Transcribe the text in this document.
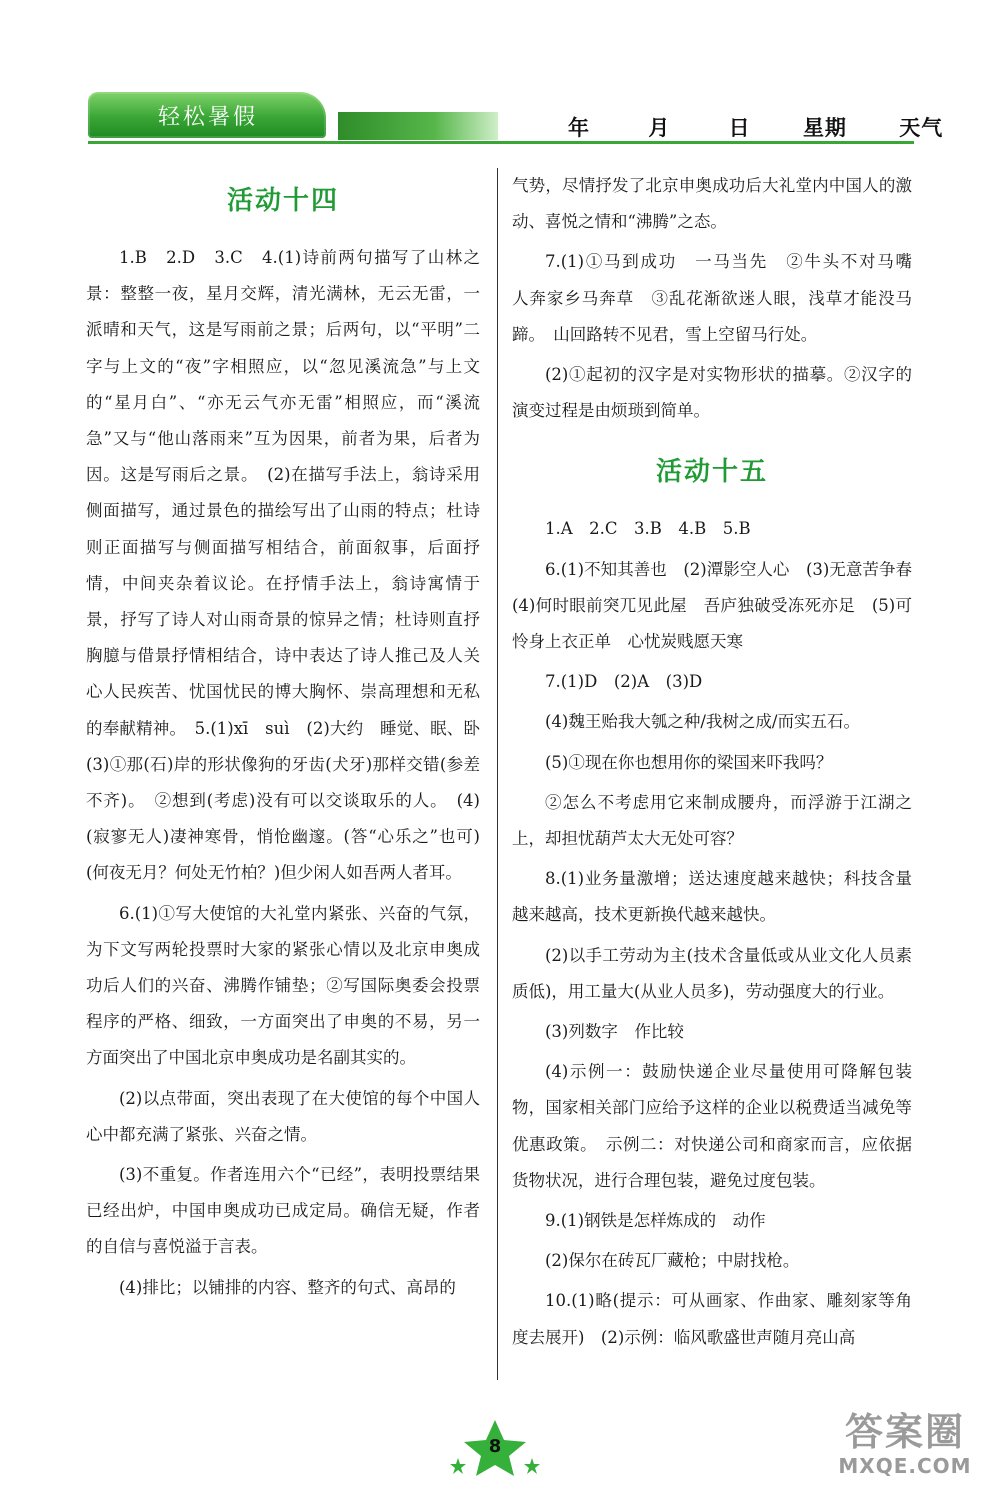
轻松暑假	年	月	日 星期 天气
活动十四

1.B　2.D　3.C　4.(1)诗前两句描写了山林之景：整整一夜，星月交辉，清光满林，无云无雷，一派晴和天气，这是写雨前之景；后两句，以“平明”二字与上文的“夜”字相照应，以“忽见溪流急”与上文的“星月白”、“亦无云气亦无雷”相照应，而“溪流急”又与“他山落雨来”互为因果，前者为果，后者为因。这是写雨后之景。　(2)在描写手法上，翁诗采用侧面描写，通过景色的描绘写出了山雨的特点；杜诗则正面描写与侧面描写相结合，前面叙事，后面抒情，中间夹杂着议论。在抒情手法上，翁诗寓情于景，抒写了诗人对山雨奇景的惊异之情；杜诗则直抒胸臆与借景抒情相结合，诗中表达了诗人推己及人关心人民疾苦、忧国忧民的博大胸怀、崇高理想和无私的奉献精神。　5.(1)xī　suì　(2)大约　睡觉、眠、卧　(3)①那(石)岸的形状像狗的牙齿(犬牙)那样交错(参差不齐)。　②想到(考虑)没有可以交谈取乐的人。　(4)(寂寥无人)凄神寒骨，悄怆幽邃。(答“心乐之”也可)　(何夜无月？何处无竹柏？)但少闲人如吾两人者耳。

6.(1)①写大使馆的大礼堂内紧张、兴奋的气氛，为下文写两轮投票时大家的紧张心情以及北京申奥成功后人们的兴奋、沸腾作铺垫；②写国际奥委会投票程序的严格、细致，一方面突出了申奥的不易，另一方面突出了中国北京申奥成功是名副其实的。

(2)以点带面，突出表现了在大使馆的每个中国人心中都充满了紧张、兴奋之情。

(3)不重复。作者连用六个“已经”，表明投票结果已经出炉，中国申奥成功已成定局。确信无疑，作者的自信与喜悦溢于言表。

(4)排比；以铺排的内容、整齐的句式、高昂的

气势，尽情抒发了北京申奥成功后大礼堂内中国人的激动、喜悦之情和“沸腾”之态。

7.(1)①马到成功　一马当先　②牛头不对马嘴　人奔家乡马奔草　③乱花渐欲迷人眼，浅草才能没马蹄。　山回路转不见君，雪上空留马行处。

(2)①起初的汉字是对实物形状的描摹。②汉字的演变过程是由烦琐到简单。

活动十五

1.A　2.C　3.B　4.B　5.B

6.(1)不知其善也　(2)潭影空人心　(3)无意苦争春　(4)何时眼前突兀见此屋　吾庐独破受冻死亦足　(5)可怜身上衣正单　心忧炭贱愿天寒

7.(1)D　(2)A　(3)D

(4)魏王贻我大瓠之种/我树之成/而实五石。

(5)①现在你也想用你的梁国来吓我吗？

②怎么不考虑用它来制成腰舟，而浮游于江湖之上，却担忧葫芦太大无处可容？

8.(1)业务量激增；送达速度越来越快；科技含量越来越高，技术更新换代越来越快。

(2)以手工劳动为主(技术含量低或从业文化人员素质低)，用工量大(从业人员多)，劳动强度大的行业。

(3)列数字　作比较

(4)示例一：鼓励快递企业尽量使用可降解包装物，国家相关部门应给予这样的企业以税费适当减免等优惠政策。　示例二：对快递公司和商家而言，应依据货物状况，进行合理包装，避免过度包装。

9.(1)钢铁是怎样炼成的　动作

(2)保尔在砖瓦厂藏枪；中尉找枪。

10.(1)略(提示：可从画家、作曲家、雕刻家等角度去展开)　(2)示例：临风歌盛世声随月亮山高

8	答案圈
MXQE.COM
